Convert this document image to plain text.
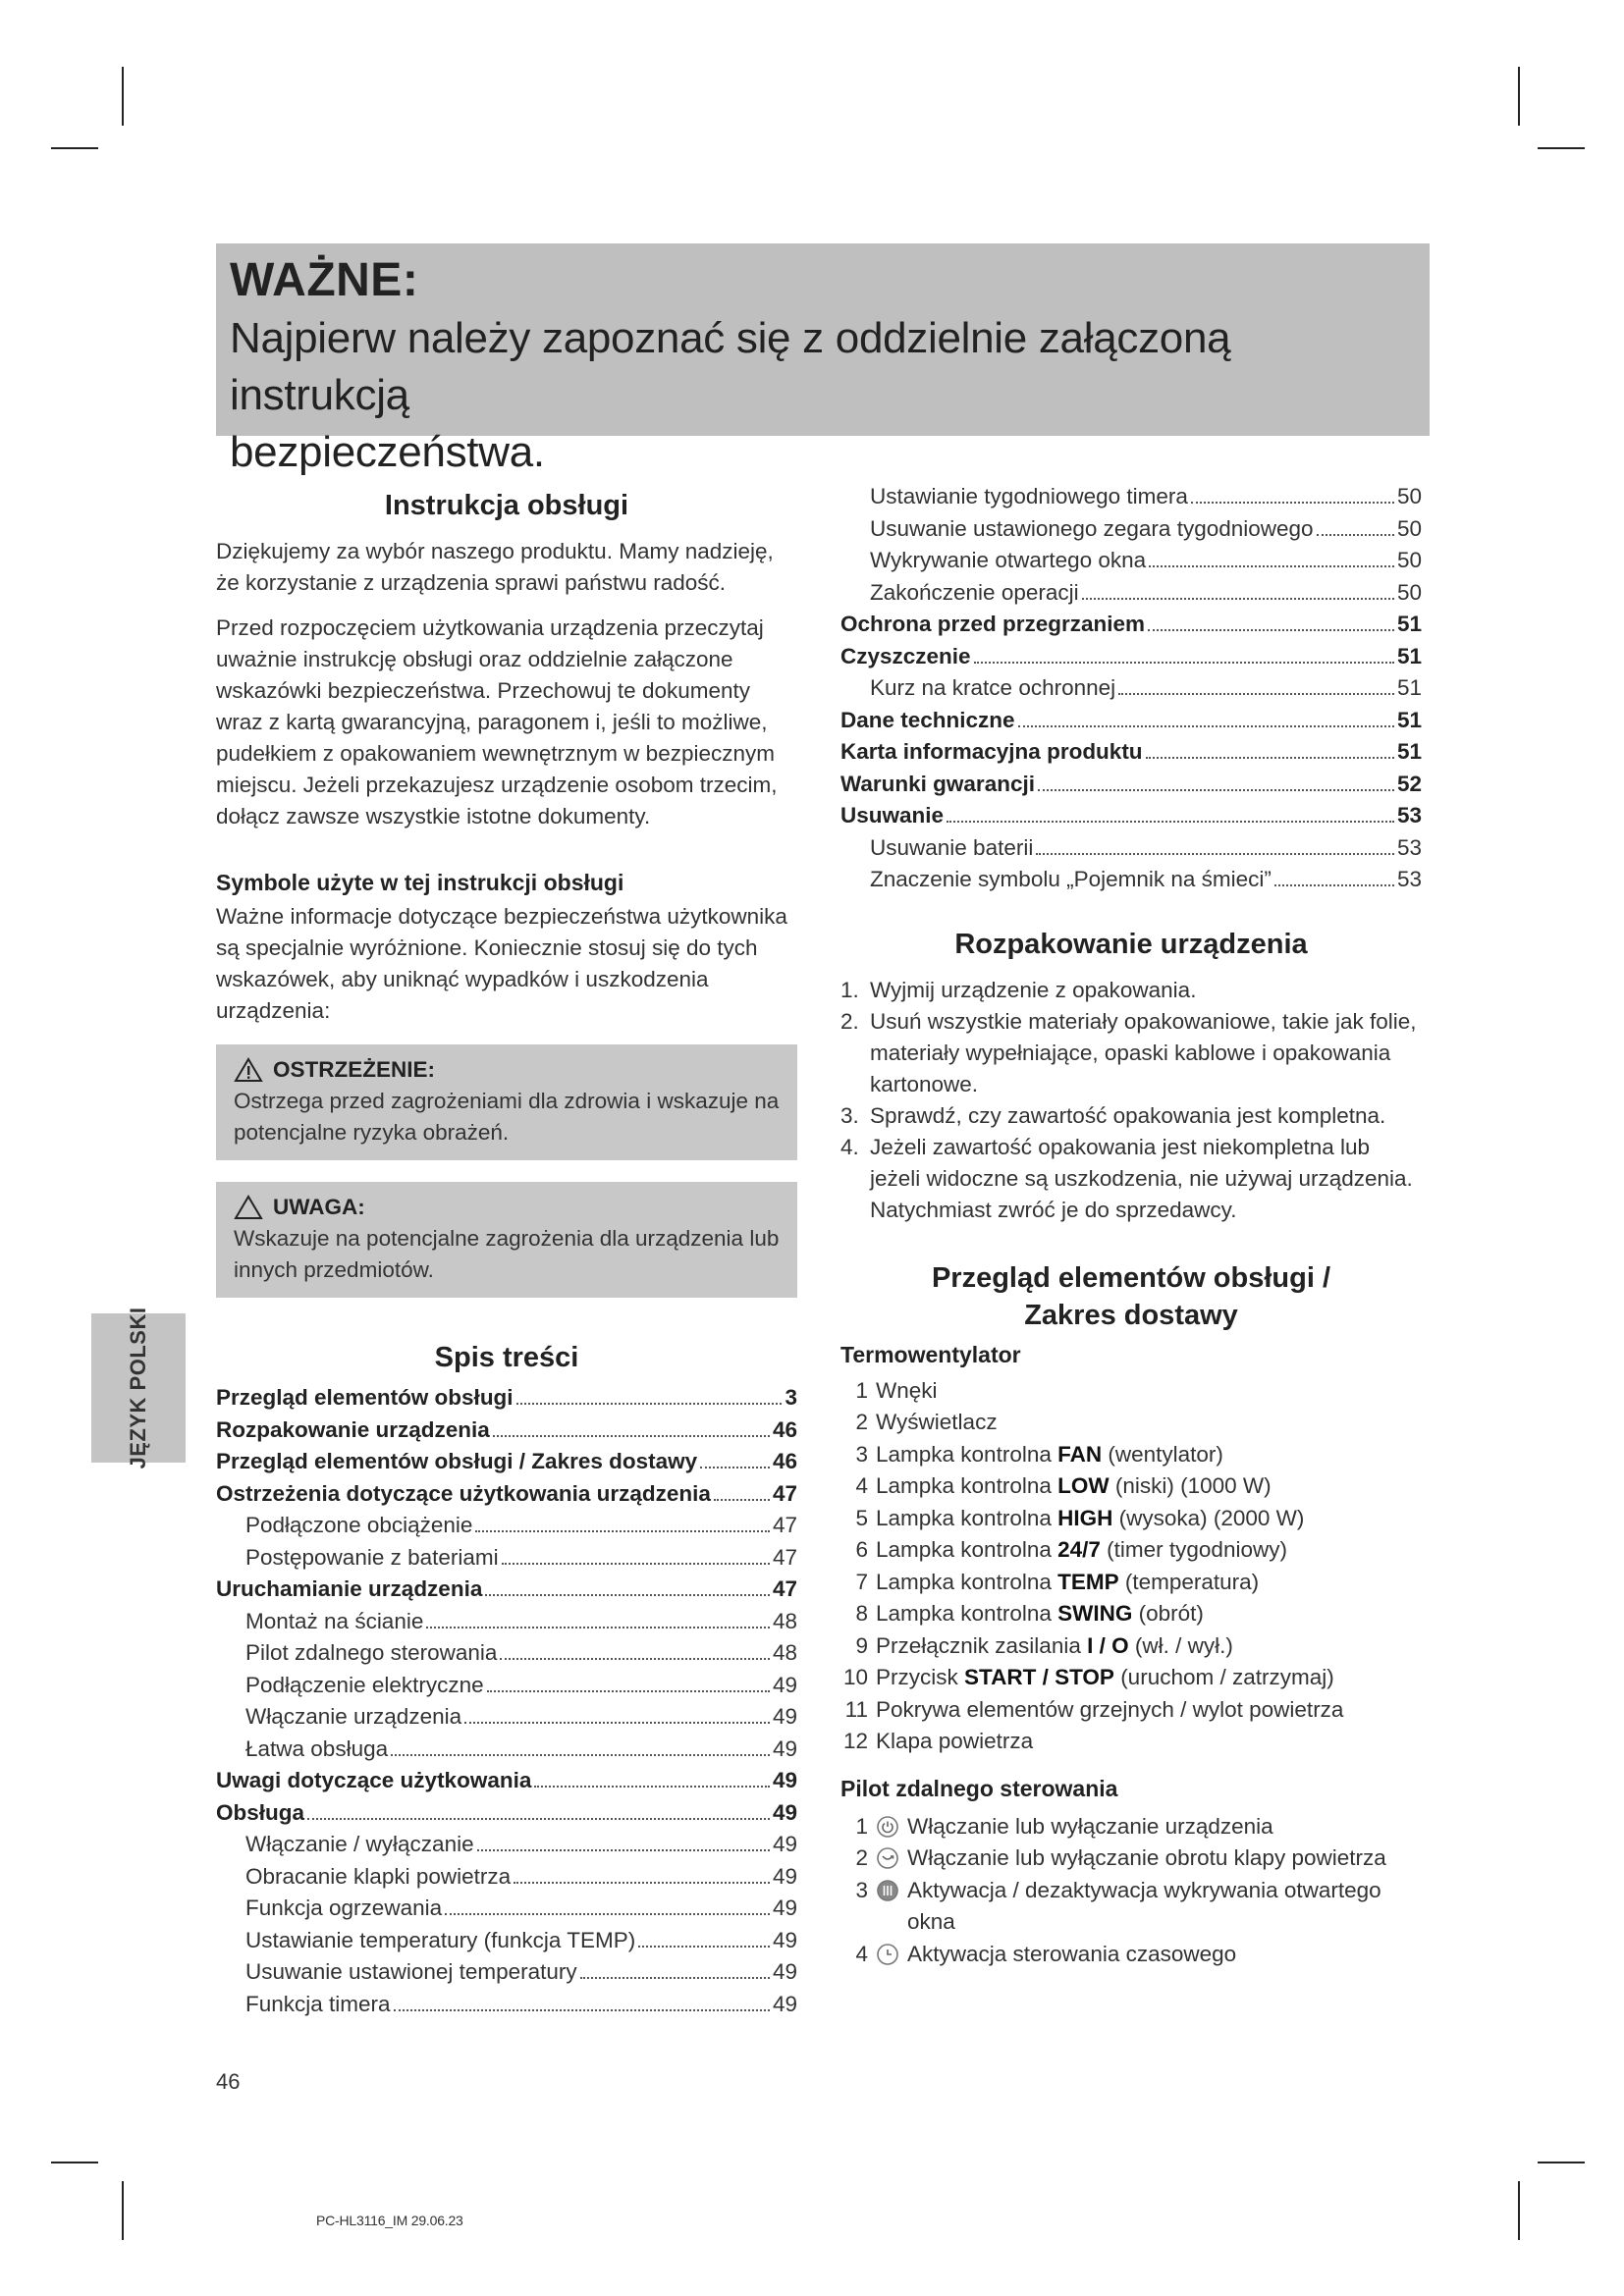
WAŻNE:
Najpierw należy zapoznać się z oddzielnie załączoną instrukcją
bezpieczeństwa.
Instrukcja obsługi

Dziękujemy za wybór naszego produktu. Mamy nadzieję, że korzystanie z urządzenia sprawi państwu radość.

Przed rozpoczęciem użytkowania urządzenia przeczytaj uważnie instrukcję obsługi oraz oddzielnie załączone wskazówki bezpieczeństwa. Przechowuj te dokumenty wraz z kartą gwarancyjną, paragonem i, jeśli to możliwe, pudełkiem z opakowaniem wewnętrznym w bezpiecznym miejscu. Jeżeli przekazujesz urządzenie osobom trzecim, dołącz zawsze wszystkie istotne dokumenty.

Symbole użyte w tej instrukcji obsługi

Ważne informacje dotyczące bezpieczeństwa użytkownika są specjalnie wyróżnione. Koniecznie stosuj się do tych wskazówek, aby uniknąć wypadków i uszkodzenia urządzenia:

OSTRZEŻENIE:

Ostrzega przed zagrożeniami dla zdrowia i wskazuje na potencjalne ryzyka obrażeń.

UWAGA:

Wskazuje na potencjalne zagrożenia dla urządzenia lub innych przedmiotów.

Spis treści
Przegląd elementów obsługi	3
Rozpakowanie urządzenia	46
Przegląd elementów obsługi / Zakres dostawy	46
Ostrzeżenia dotyczące użytkowania urządzenia	47
Podłączone obciążenie	47
Postępowanie z bateriami	47
Uruchamianie urządzenia	47
Montaż na ścianie	48
Pilot zdalnego sterowania	48
Podłączenie elektryczne	49
Włączanie urządzenia	49
Łatwa obsługa	49
Uwagi dotyczące użytkowania	49
Obsługa	49
Włączanie / wyłączanie	49
Obracanie klapki powietrza	49
Funkcja ogrzewania	49
Ustawianie temperatury (funkcja TEMP)	49
Usuwanie ustawionej temperatury	49
Funkcja timera	49
Ustawianie tygodniowego timera	50
Usuwanie ustawionego zegara tygodniowego	50
Wykrywanie otwartego okna	50
Zakończenie operacji	50
Ochrona przed przegrzaniem	51
Czyszczenie	51
Kurz na kratce ochronnej	51
Dane techniczne	51
Karta informacyjna produktu	51
Warunki gwarancji	52
Usuwanie	53
Usuwanie baterii	53
Znaczenie symbolu „Pojemnik na śmieci”	53
Rozpakowanie urządzenia
1. Wyjmij urządzenie z opakowania.
2. Usuń wszystkie materiały opakowaniowe, takie jak folie, materiały wypełniające, opaski kablowe i opakowania kartonowe.
3. Sprawdź, czy zawartość opakowania jest kompletna.
4. Jeżeli zawartość opakowania jest niekompletna lub jeżeli widoczne są uszkodzenia, nie używaj urządzenia. Natychmiast zwróć je do sprzedawcy.
Przegląd elementów obsługi /
Zakres dostawy
Termowentylator
1 Wnęki
2 Wyświetlacz
3 Lampka kontrolna FAN (wentylator)
4 Lampka kontrolna LOW (niski) (1000 W)
5 Lampka kontrolna HIGH (wysoka) (2000 W)
6 Lampka kontrolna 24/7 (timer tygodniowy)
7 Lampka kontrolna TEMP (temperatura)
8 Lampka kontrolna SWING (obrót)
9 Przełącznik zasilania I / O (wł. / wył.)
10 Przycisk START / STOP (uruchom / zatrzymaj)
11 Pokrywa elementów grzejnych / wylot powietrza
12 Klapa powietrza
Pilot zdalnego sterowania
1	Włączanie lub wyłączanie urządzenia
2	Włączanie lub wyłączanie obrotu klapy powietrza
3	Aktywacja / dezaktywacja wykrywania otwartego okna
4	Aktywacja sterowania czasowego
JĘZYK POLSKI
46
PC-HL3116_IM 29.06.23
